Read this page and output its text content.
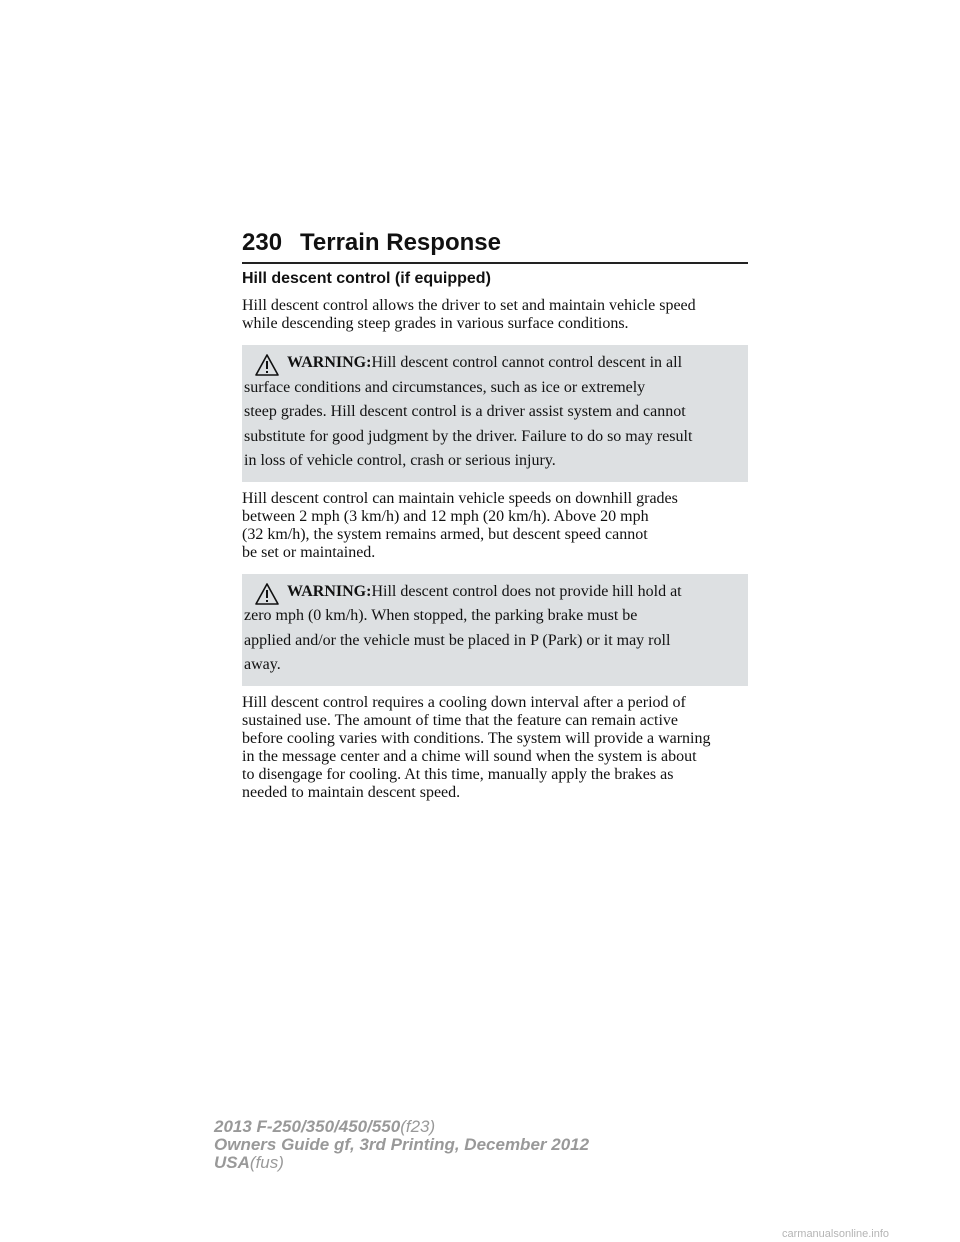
230 Terrain Response
Hill descent control (if equipped)

Hill descent control allows the driver to set and maintain vehicle speed
while descending steep grades in various surface conditions.

WARNING:Hill descent control cannot control descent in all
surface conditions and circumstances, such as ice or extremely
steep grades. Hill descent control is a driver assist system and cannot
substitute for good judgment by the driver. Failure to do so may result
in loss of vehicle control, crash or serious injury.

Hill descent control can maintain vehicle speeds on downhill grades
between 2 mph (3 km/h) and 12 mph (20 km/h). Above 20 mph
(32 km/h), the system remains armed, but descent speed cannot
be set or maintained.

WARNING:Hill descent control does not provide hill hold at
zero mph (0 km/h). When stopped, the parking brake must be
applied and/or the vehicle must be placed in P (Park) or it may roll
away.

Hill descent control requires a cooling down interval after a period of
sustained use. The amount of time that the feature can remain active
before cooling varies with conditions. The system will provide a warning
in the message center and a chime will sound when the system is about
to disengage for cooling. At this time, manually apply the brakes as
needed to maintain descent speed.

2013 F-250/350/450/550(f23)
Owners Guide gf, 3rd Printing, December 2012
USA(fus)
carmanualsonline.info
